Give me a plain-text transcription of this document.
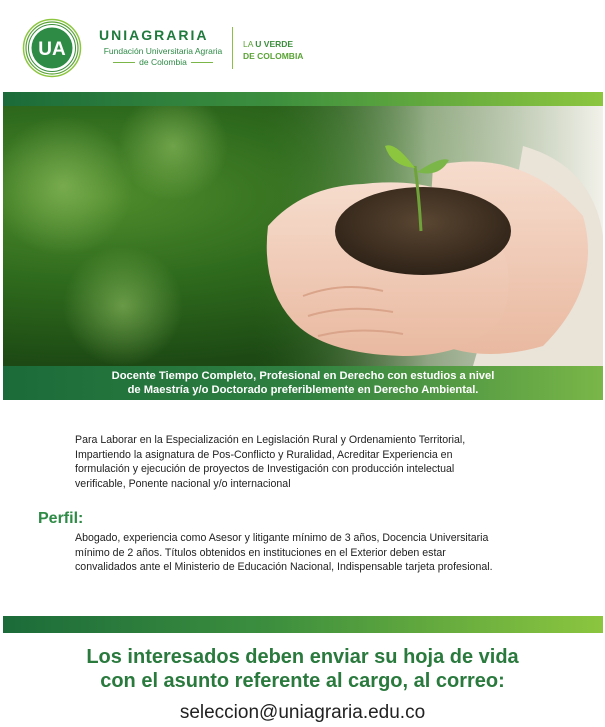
UA
UNIAGRARIA
Fundación Universitaria Agraria
de Colombia
LA U VERDE
DE COLOMBIA
Docente Tiempo Completo, Profesional en Derecho con estudios a nivel
de Maestría y/o Doctorado preferiblemente en Derecho Ambiental.
Para Laborar en la Especialización en Legislación Rural y Ordenamiento Territorial,
Impartiendo la asignatura de Pos-Conflicto y Ruralidad, Acreditar Experiencia en
formulación y ejecución de proyectos de Investigación con producción intelectual
verificable, Ponente nacional y/o internacional
Perfil:
Abogado, experiencia como Asesor y litigante mínimo de 3 años, Docencia Universitaria
mínimo de 2 años. Títulos obtenidos en instituciones en el Exterior deben estar
convalidados ante el Ministerio de Educación Nacional, Indispensable tarjeta profesional.
Los interesados deben enviar su hoja de vida
con el asunto referente al cargo, al correo:
seleccion@uniagraria.edu.co
